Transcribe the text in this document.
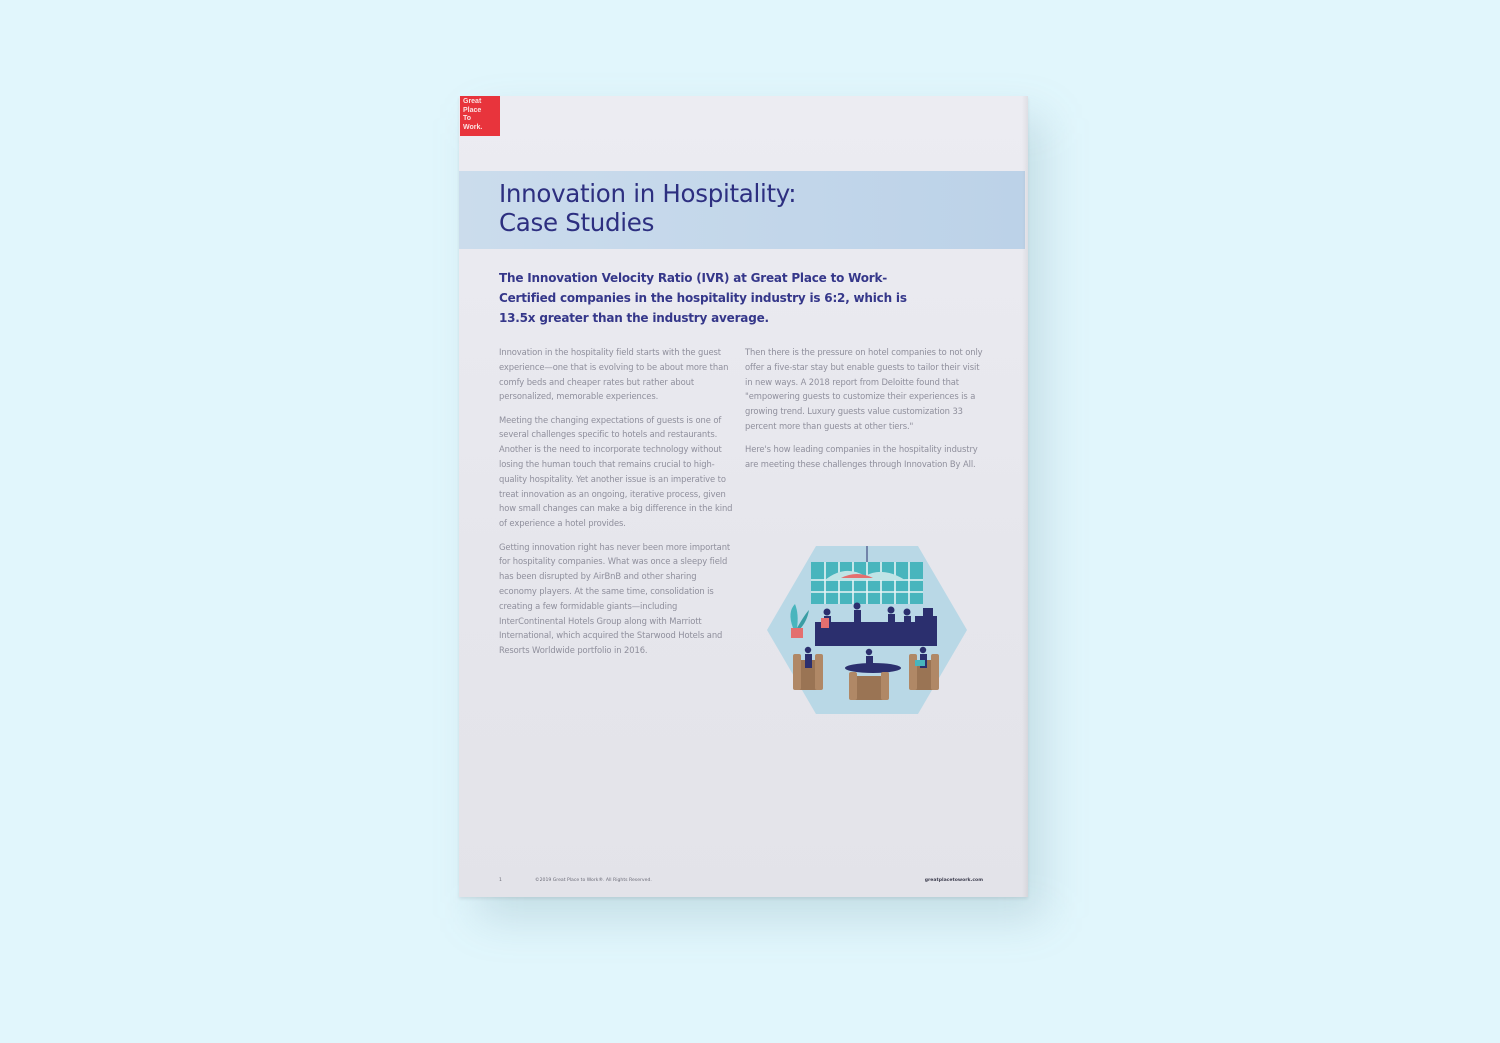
Great
Place
To
Work.
Innovation in Hospitality:
Case Studies

The Innovation Velocity Ratio (IVR) at Great Place to Work-Certified companies in the hospitality industry is 6:2, which is 13.5x greater than the industry average.

Innovation in the hospitality field starts with the guest experience—one that is evolving to be about more than comfy beds and cheaper rates but rather about personalized, memorable experiences.

Meeting the changing expectations of guests is one of several challenges specific to hotels and restaurants. Another is the need to incorporate technology without losing the human touch that remains crucial to high-quality hospitality. Yet another issue is an imperative to treat innovation as an ongoing, iterative process, given how small changes can make a big difference in the kind of experience a hotel provides.

Getting innovation right has never been more important for hospitality companies. What was once a sleepy field has been disrupted by AirBnB and other sharing economy players. At the same time, consolidation is creating a few formidable giants—including InterContinental Hotels Group along with Marriott International, which acquired the Starwood Hotels and Resorts Worldwide portfolio in 2016.

Then there is the pressure on hotel companies to not only offer a five-star stay but enable guests to tailor their visit in new ways. A 2018 report from Deloitte found that "empowering guests to customize their experiences is a growing trend. Luxury guests value customization 33 percent more than guests at other tiers."

Here's how leading companies in the hospitality industry are meeting these challenges through Innovation By All.

1	©2019 Great Place to Work®. All Rights Reserved.	greatplacetowork.com
